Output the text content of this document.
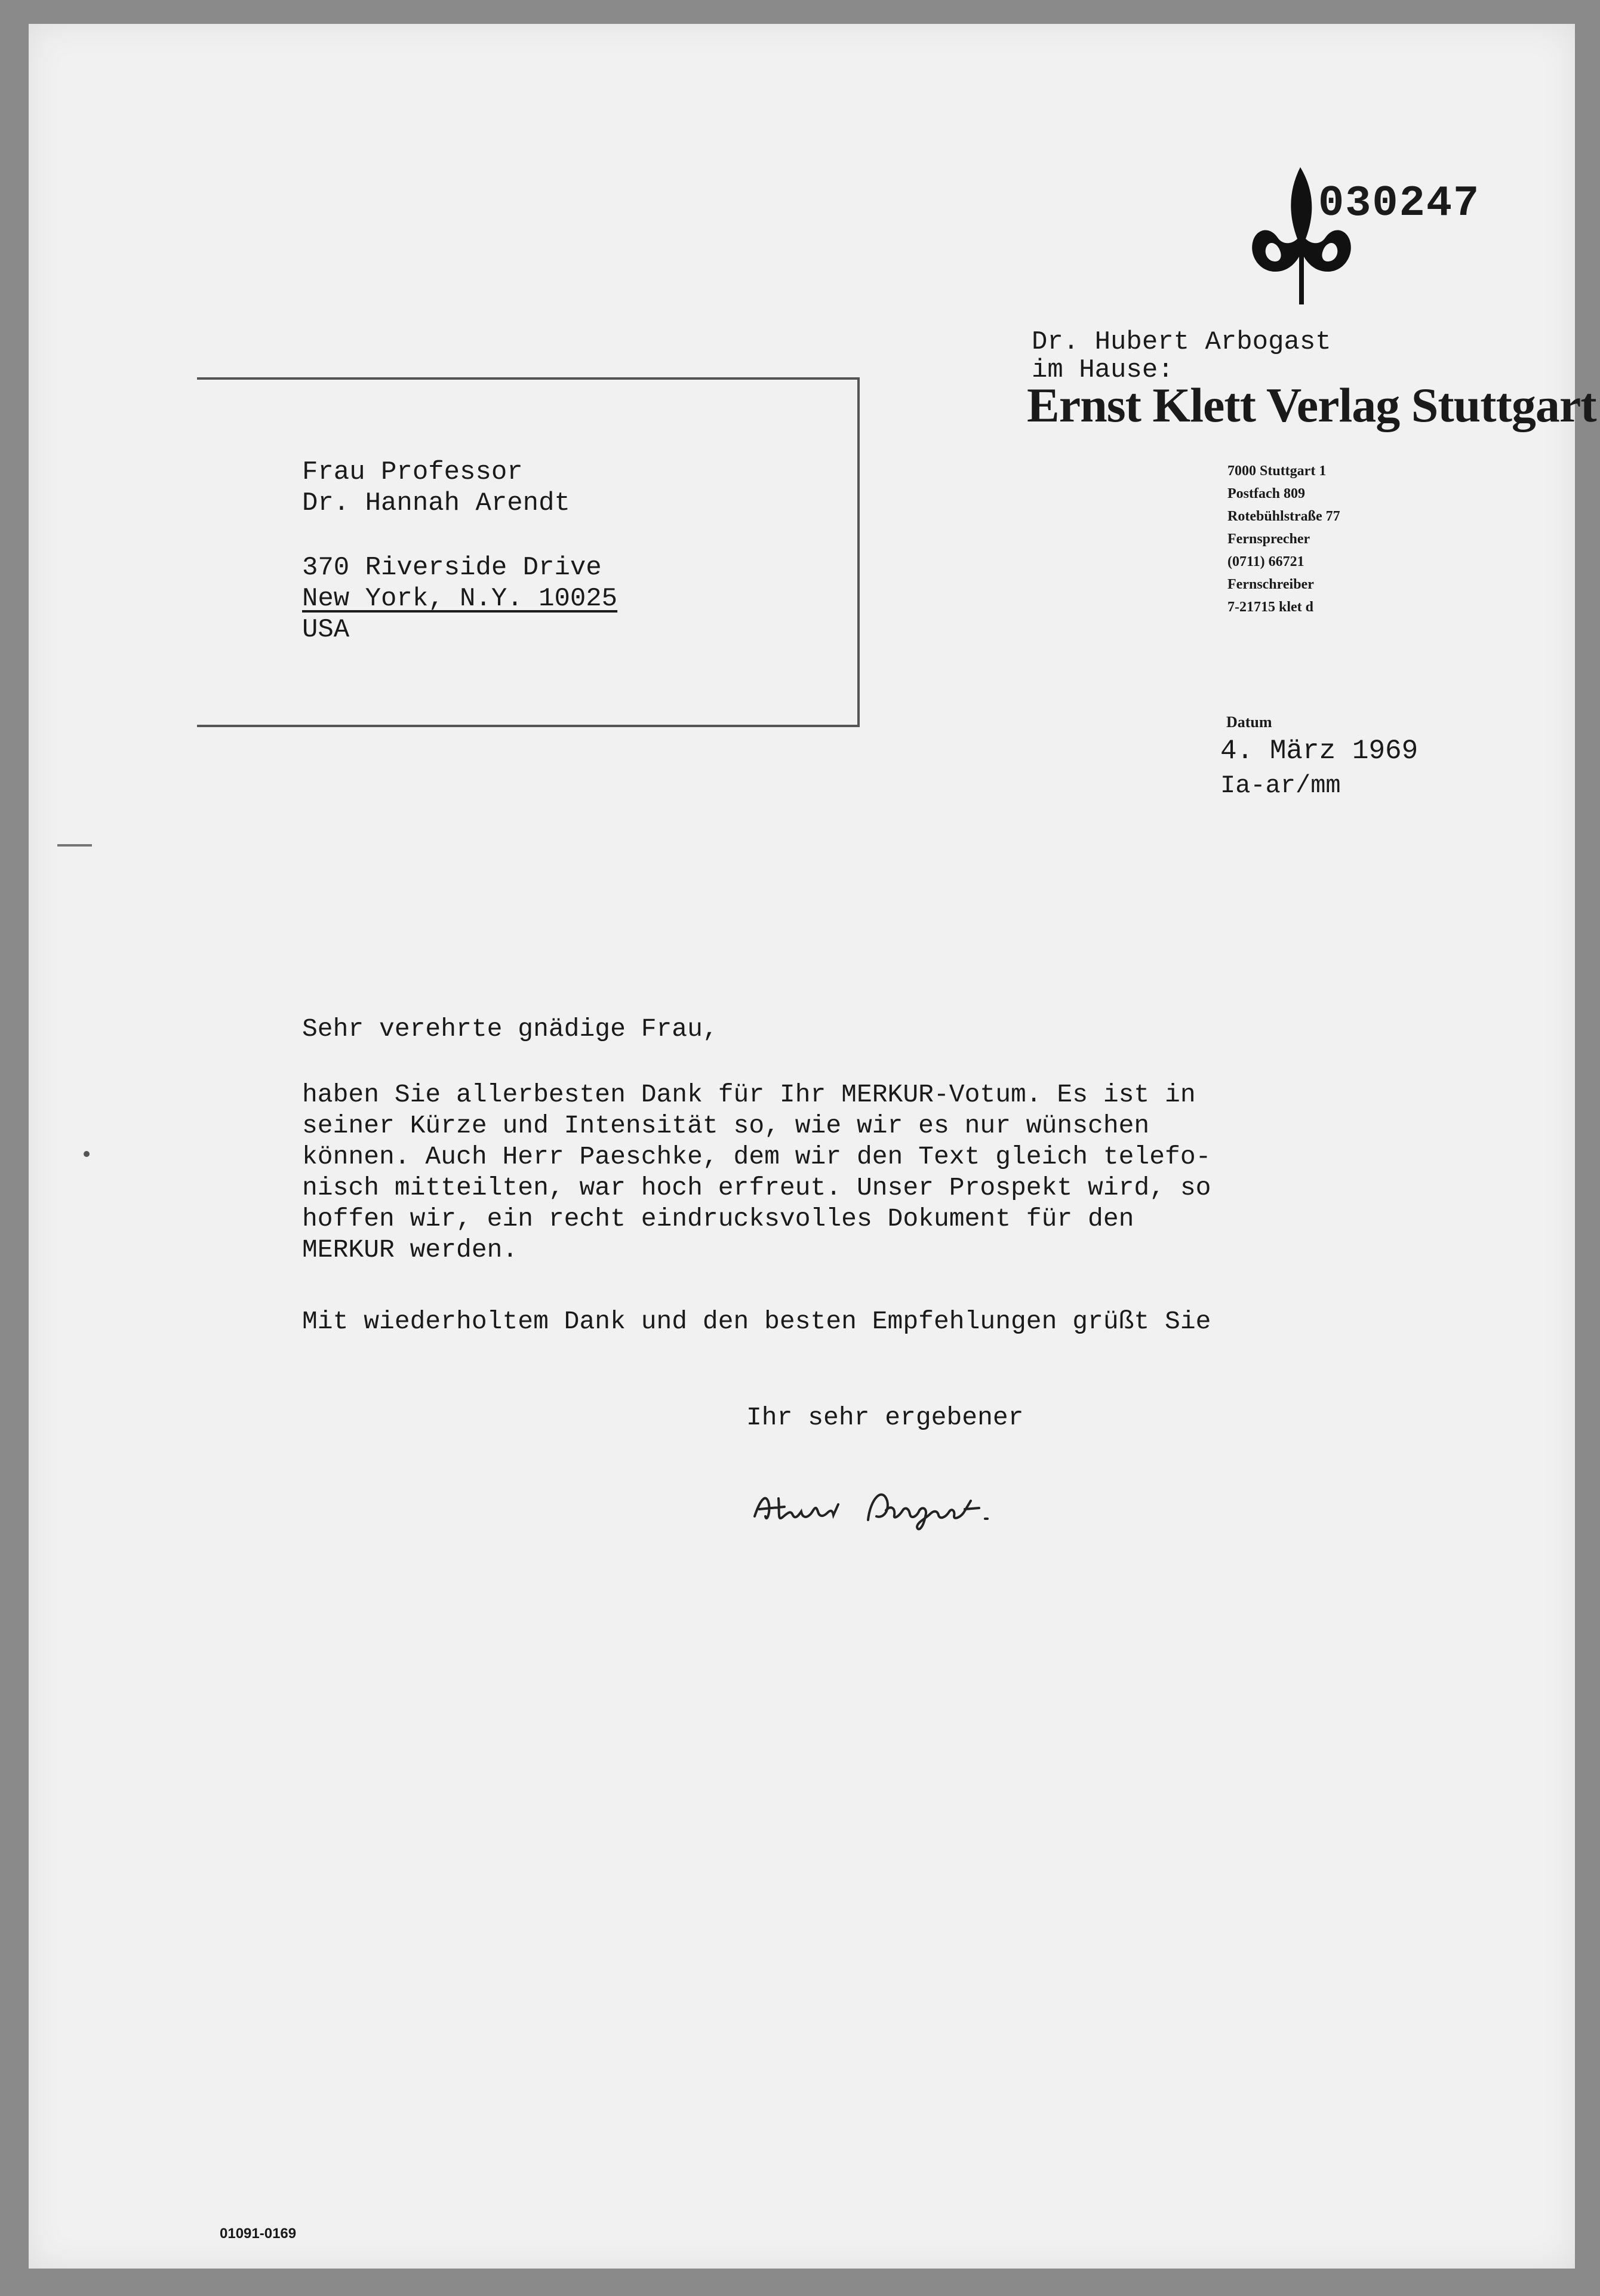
030247
Dr. Hubert Arbogast
im Hause:
Ernst Klett Verlag Stuttgart
7000 Stuttgart 1
Postfach 809
Rotebühlstraße 77
Fernsprecher
(0711) 66721
Fernschreiber
7-21715 klet d
Frau Professor
Dr. Hannah Arendt
370 Riverside Drive
New York, N.Y. 10025
USA
Datum
4. März 1969
Ia-ar/mm
Sehr verehrte gnädige Frau,
haben Sie allerbesten Dank für Ihr MERKUR-Votum. Es ist in
seiner Kürze und Intensität so, wie wir es nur wünschen
können. Auch Herr Paeschke, dem wir den Text gleich telefo-
nisch mitteilten, war hoch erfreut. Unser Prospekt wird, so
hoffen wir, ein recht eindrucksvolles Dokument für den
MERKUR werden.
Mit wiederholtem Dank und den besten Empfehlungen grüßt Sie
Ihr sehr ergebener
01091-0169
